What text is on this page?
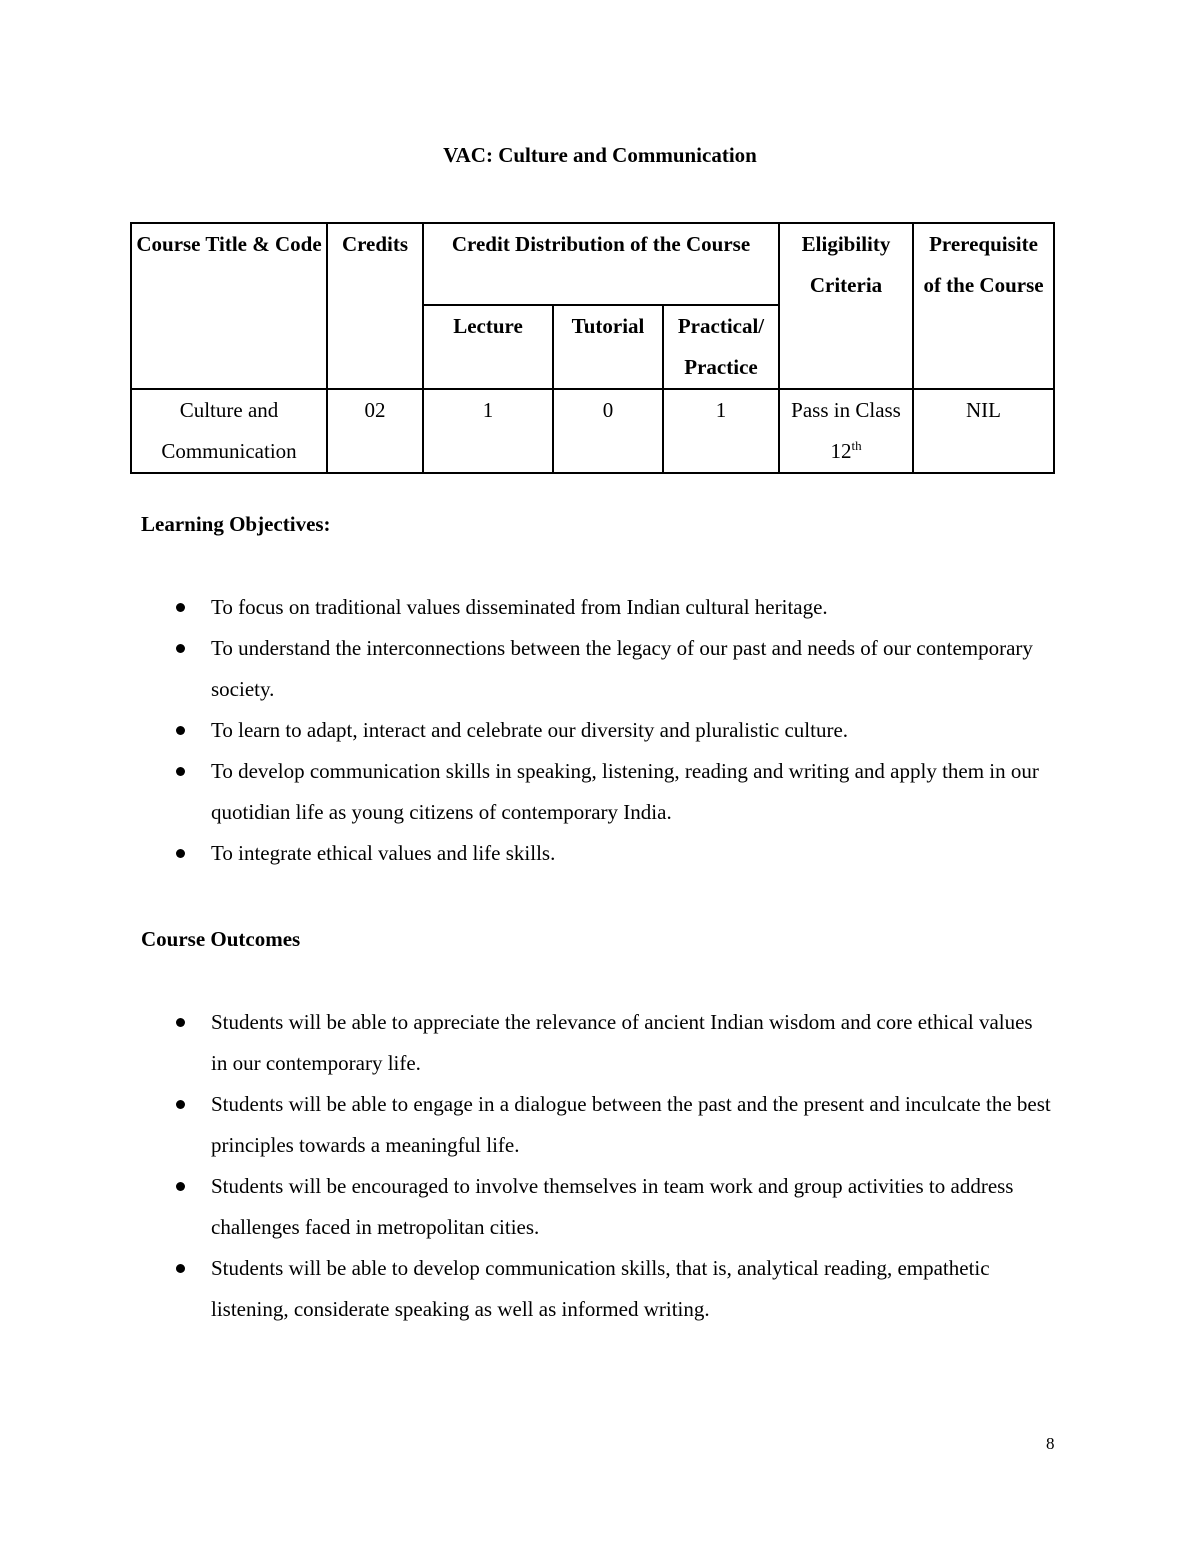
VAC: Culture and Communication
Course Title & Code	Credits	Credit Distribution of the Course			Eligibility Criteria	Prerequisite of the Course
		Lecture	Tutorial	Practical/ Practice		
Culture and Communication	02	1	0	1	Pass in Class 12th	NIL
Learning Objectives:
To focus on traditional values disseminated from Indian cultural heritage.
To understand the interconnections between the legacy of our past and needs of our contemporary society.
To learn to adapt, interact and celebrate our diversity and pluralistic culture.
To develop communication skills in speaking, listening, reading and writing and apply them in our quotidian life as young citizens of contemporary India.
To integrate ethical values and life skills.
Course Outcomes
Students will be able to appreciate the relevance of ancient Indian wisdom and core ethical values in our contemporary life.
Students will be able to engage in a dialogue between the past and the present and inculcate the best principles towards a meaningful life.
Students will be encouraged to involve themselves in team work and group activities to address challenges faced in metropolitan cities.
Students will be able to develop communication skills, that is, analytical reading, empathetic listening, considerate speaking as well as informed writing.
8
